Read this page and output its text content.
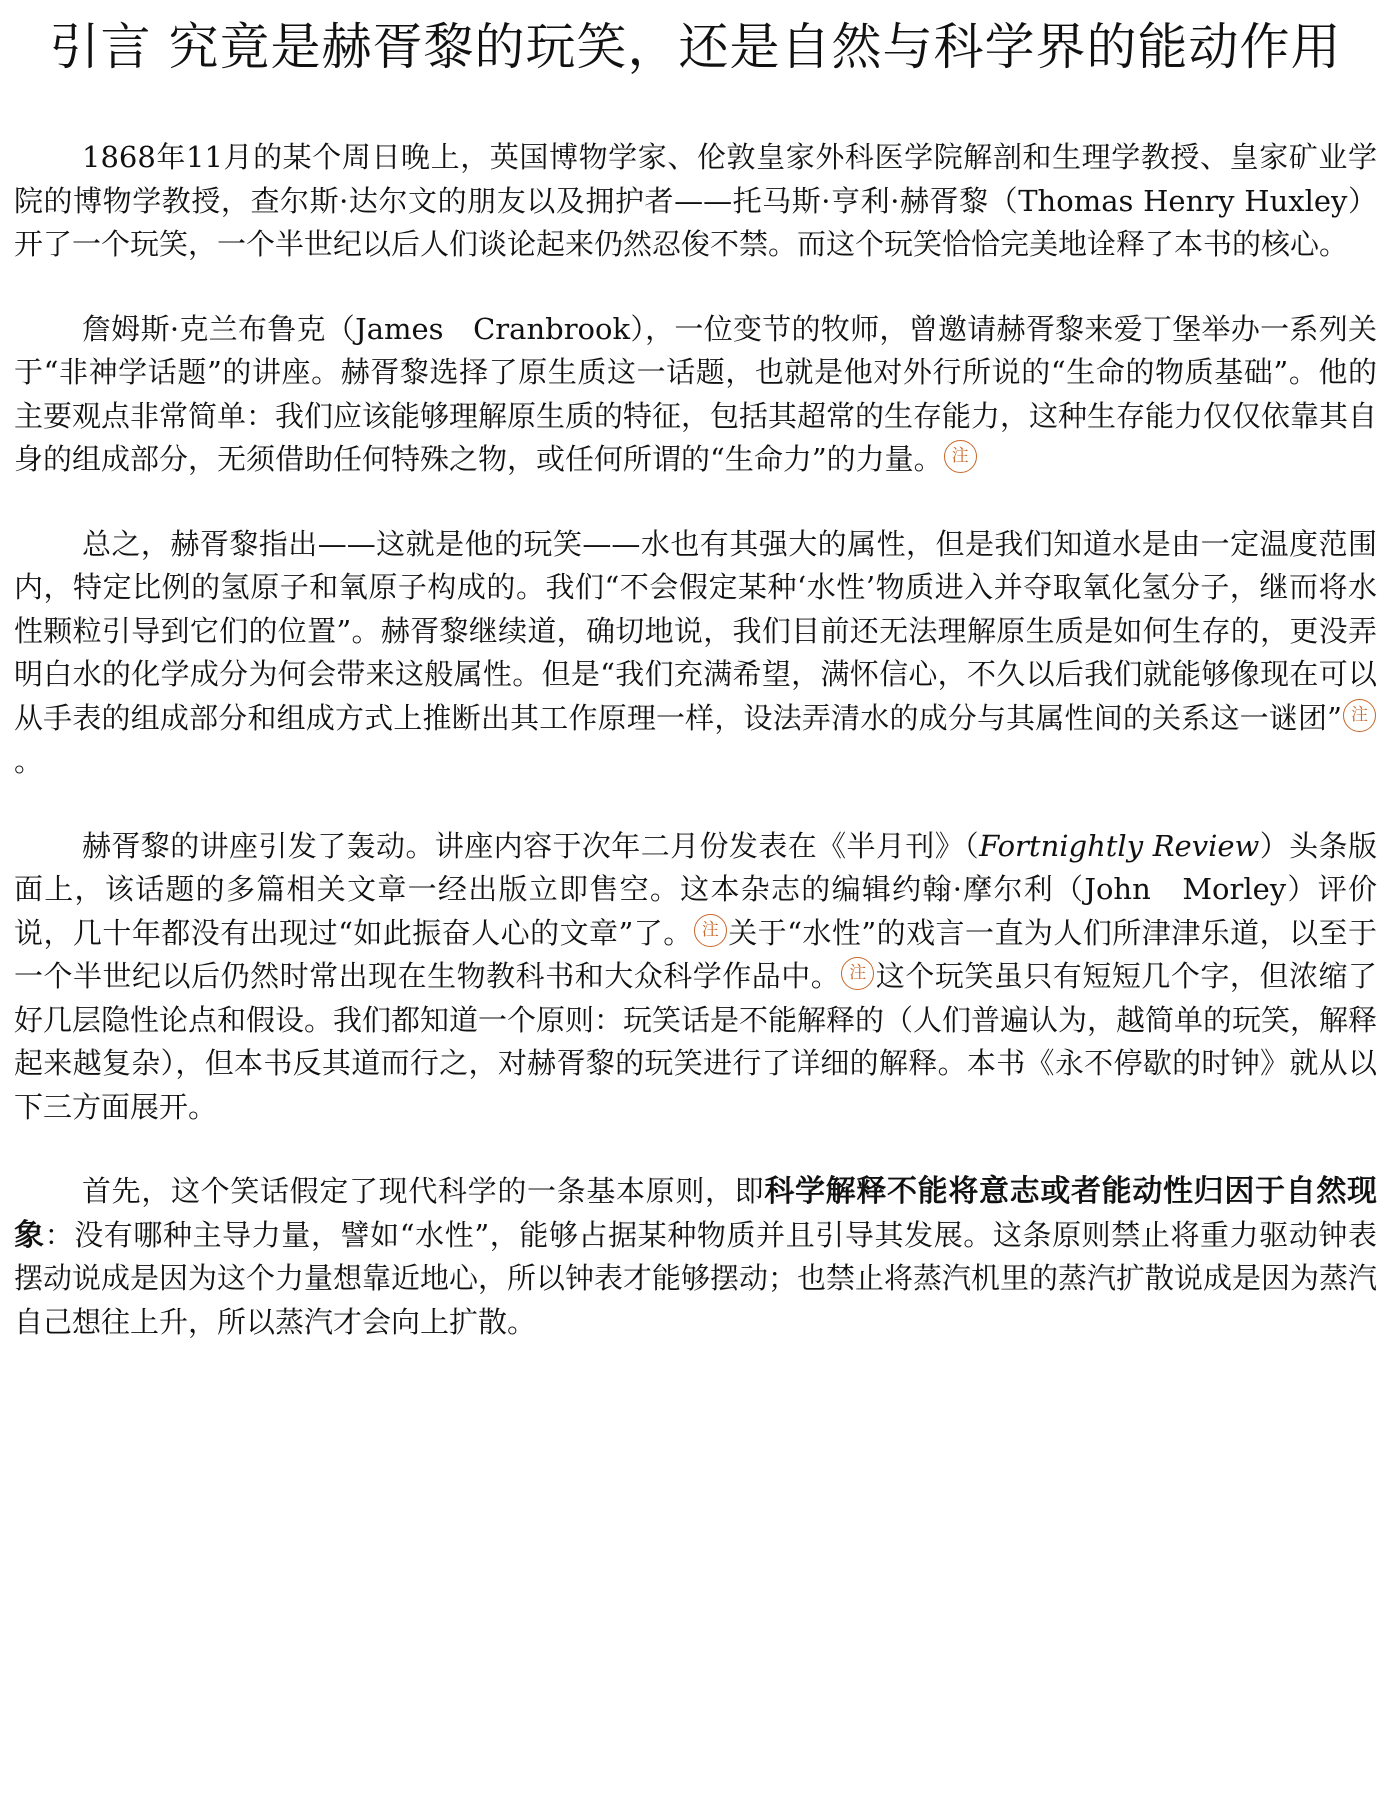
引言 究竟是赫胥黎的玩笑，还是自然与科学界的能动作用

1868年11月的某个周日晚上，英国博物学家、伦敦皇家外科医学院解剖和生理学教授、皇家矿业学院的博物学教授，查尔斯·达尔文的朋友以及拥护者——托马斯·亨利·赫胥黎（Thomas Henry Huxley）开了一个玩笑，一个半世纪以后人们谈论起来仍然忍俊不禁。而这个玩笑恰恰完美地诠释了本书的核心。

詹姆斯·克兰布鲁克（James　Cranbrook），一位变节的牧师，曾邀请赫胥黎来爱丁堡举办一系列关于“非神学话题”的讲座。赫胥黎选择了原生质这一话题，也就是他对外行所说的“生命的物质基础”。他的主要观点非常简单：我们应该能够理解原生质的特征，包括其超常的生存能力，这种生存能力仅仅依靠其自身的组成部分，无须借助任何特殊之物，或任何所谓的“生命力”的力量。 注

总之，赫胥黎指出——这就是他的玩笑——水也有其强大的属性，但是我们知道水是由一定温度范围内，特定比例的氢原子和氧原子构成的。我们“不会假定某种‘水性’物质进入并夺取氧化氢分子，继而将水性颗粒引导到它们的位置”。赫胥黎继续道，确切地说，我们目前还无法理解原生质是如何生存的，更没弄明白水的化学成分为何会带来这般属性。但是“我们充满希望，满怀信心，不久以后我们就能够像现在可以从手表的组成部分和组成方式上推断出其工作原理一样，设法弄清水的成分与其属性间的关系这一谜团” 注。

赫胥黎的讲座引发了轰动。讲座内容于次年二月份发表在《半月刊》（Fortnightly Review）头条版面上，该话题的多篇相关文章一经出版立即售空。这本杂志的编辑约翰·摩尔利（John　Morley）评价说，几十年都没有出现过“如此振奋人心的文章”了。 注 关于“水性”的戏言一直为人们所津津乐道，以至于一个半世纪以后仍然时常出现在生物教科书和大众科学作品中。 注 这个玩笑虽只有短短几个字，但浓缩了好几层隐性论点和假设。我们都知道一个原则：玩笑话是不能解释的（人们普遍认为，越简单的玩笑，解释起来越复杂），但本书反其道而行之，对赫胥黎的玩笑进行了详细的解释。本书《永不停歇的时钟》就从以下三方面展开。

首先，这个笑话假定了现代科学的一条基本原则，即科学解释不能将意志或者能动性归因于自然现象：没有哪种主导力量，譬如“水性”，能够占据某种物质并且引导其发展。这条原则禁止将重力驱动钟表摆动说成是因为这个力量想靠近地心，所以钟表才能够摆动；也禁止将蒸汽机里的蒸汽扩散说成是因为蒸汽自己想往上升，所以蒸汽才会向上扩散。
